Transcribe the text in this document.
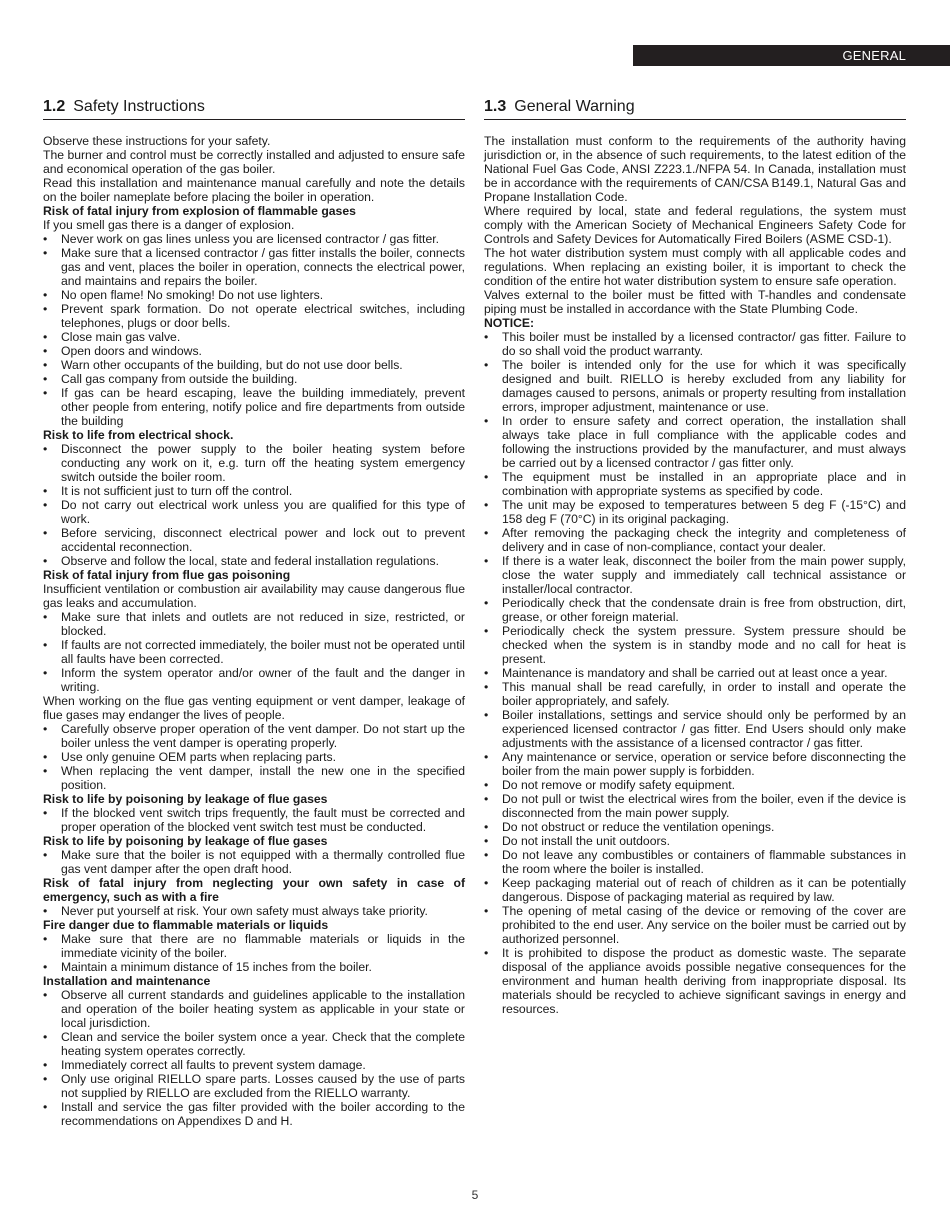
GENERAL
1.2 Safety Instructions

Observe these instructions for your safety.

The burner and control must be correctly installed and adjusted to ensure safe and economical operation of the gas boiler.

Read this installation and maintenance manual carefully and note the details on the boiler nameplate before placing the boiler in operation.

Risk of fatal injury from explosion of flammable gases

If you smell gas there is a danger of explosion.

• Never work on gas lines unless you are licensed contractor / gas fitter.
• Make sure that a licensed contractor / gas fitter installs the boiler, connects gas and vent, places the boiler in operation, connects the electrical power, and maintains and repairs the boiler.
• No open flame! No smoking! Do not use lighters.
• Prevent spark formation. Do not operate electrical switches, including telephones, plugs or door bells.
• Close main gas valve.
• Open doors and windows.
• Warn other occupants of the building, but do not use door bells.
• Call gas company from outside the building.
• If gas can be heard escaping, leave the building immediately, prevent other people from entering, notify police and fire departments from outside the building

Risk to life from electrical shock.

• Disconnect the power supply to the boiler heating system before conducting any work on it, e.g. turn off the heating system emergency switch outside the boiler room.
• It is not sufficient just to turn off the control.
• Do not carry out electrical work unless you are qualified for this type of work.
• Before servicing, disconnect electrical power and lock out to prevent accidental reconnection.
• Observe and follow the local, state and federal installation regulations.

Risk of fatal injury from flue gas poisoning

Insufficient ventilation or combustion air availability may cause dangerous flue gas leaks and accumulation.

• Make sure that inlets and outlets are not reduced in size, restricted, or blocked.
• If faults are not corrected immediately, the boiler must not be operated until all faults have been corrected.
• Inform the system operator and/or owner of the fault and the danger in writing.

When working on the flue gas venting equipment or vent damper, leakage of flue gases may endanger the lives of people.

• Carefully observe proper operation of the vent damper. Do not start up the boiler unless the vent damper is operating properly.
• Use only genuine OEM parts when replacing parts.
• When replacing the vent damper, install the new one in the specified position.

Risk to life by poisoning by leakage of flue gases

• If the blocked vent switch trips frequently, the fault must be corrected and proper operation of the blocked vent switch test must be conducted.

Risk to life by poisoning by leakage of flue gases

• Make sure that the boiler is not equipped with a thermally controlled flue gas vent damper after the open draft hood.

Risk of fatal injury from neglecting your own safety in case of emergency, such as with a fire

• Never put yourself at risk. Your own safety must always take priority.

Fire danger due to flammable materials or liquids

• Make sure that there are no flammable materials or liquids in the immediate vicinity of the boiler.
• Maintain a minimum distance of 15 inches from the boiler.

Installation and maintenance

• Observe all current standards and guidelines applicable to the installation and operation of the boiler heating system as applicable in your state or local jurisdiction.
• Clean and service the boiler system once a year. Check that the complete heating system operates correctly.
• Immediately correct all faults to prevent system damage.
• Only use original RIELLO spare parts. Losses caused by the use of parts not supplied by RIELLO are excluded from the RIELLO warranty.
• Install and service the gas filter provided with the boiler according to the recommendations on Appendixes D and H.
1.3 General Warning

The installation must conform to the requirements of the authority having jurisdiction or, in the absence of such requirements, to the latest edition of the National Fuel Gas Code, ANSI Z223.1./NFPA 54. In Canada, installation must be in accordance with the requirements of CAN/CSA B149.1, Natural Gas and Propane Installation Code.

Where required by local, state and federal regulations, the system must comply with the American Society of Mechanical Engineers Safety Code for Controls and Safety Devices for Automatically Fired Boilers (ASME CSD-1).

The hot water distribution system must comply with all applicable codes and regulations. When replacing an existing boiler, it is important to check the condition of the entire hot water distribution system to ensure safe operation.

Valves external to the boiler must be fitted with T-handles and condensate piping must be installed in accordance with the State Plumbing Code.

NOTICE:

• This boiler must be installed by a licensed contractor/ gas fitter. Failure to do so shall void the product warranty.
• The boiler is intended only for the use for which it was specifically designed and built. RIELLO is hereby excluded from any liability for damages caused to persons, animals or property resulting from installation errors, improper adjustment, maintenance or use.
• In order to ensure safety and correct operation, the installation shall always take place in full compliance with the applicable codes and following the instructions provided by the manufacturer, and must always be carried out by a licensed contractor / gas fitter only.
• The equipment must be installed in an appropriate place and in combination with appropriate systems as specified by code.
• The unit may be exposed to temperatures between 5 deg F (-15°C) and 158 deg F (70°C) in its original packaging.
• After removing the packaging check the integrity and completeness of delivery and in case of non-compliance, contact your dealer.
• If there is a water leak, disconnect the boiler from the main power supply, close the water supply and immediately call technical assistance or installer/local contractor.
• Periodically check that the condensate drain is free from obstruction, dirt, grease, or other foreign material.
• Periodically check the system pressure. System pressure should be checked when the system is in standby mode and no call for heat is present.
• Maintenance is mandatory and shall be carried out at least once a year.
• This manual shall be read carefully, in order to install and operate the boiler appropriately, and safely.
• Boiler installations, settings and service should only be performed by an experienced licensed contractor / gas fitter. End Users should only make adjustments with the assistance of a licensed contractor / gas fitter.
• Any maintenance or service, operation or service before disconnecting the boiler from the main power supply is forbidden.
• Do not remove or modify safety equipment.
• Do not pull or twist the electrical wires from the boiler, even if the device is disconnected from the main power supply.
• Do not obstruct or reduce the ventilation openings.
• Do not install the unit outdoors.
• Do not leave any combustibles or containers of flammable substances in the room where the boiler is installed.
• Keep packaging material out of reach of children as it can be potentially dangerous. Dispose of packaging material as required by law.
• The opening of metal casing of the device or removing of the cover are prohibited to the end user. Any service on the boiler must be carried out by authorized personnel.
• It is prohibited to dispose the product as domestic waste. The separate disposal of the appliance avoids possible negative consequences for the environment and human health deriving from inappropriate disposal. Its materials should be recycled to achieve significant savings in energy and resources.
5
